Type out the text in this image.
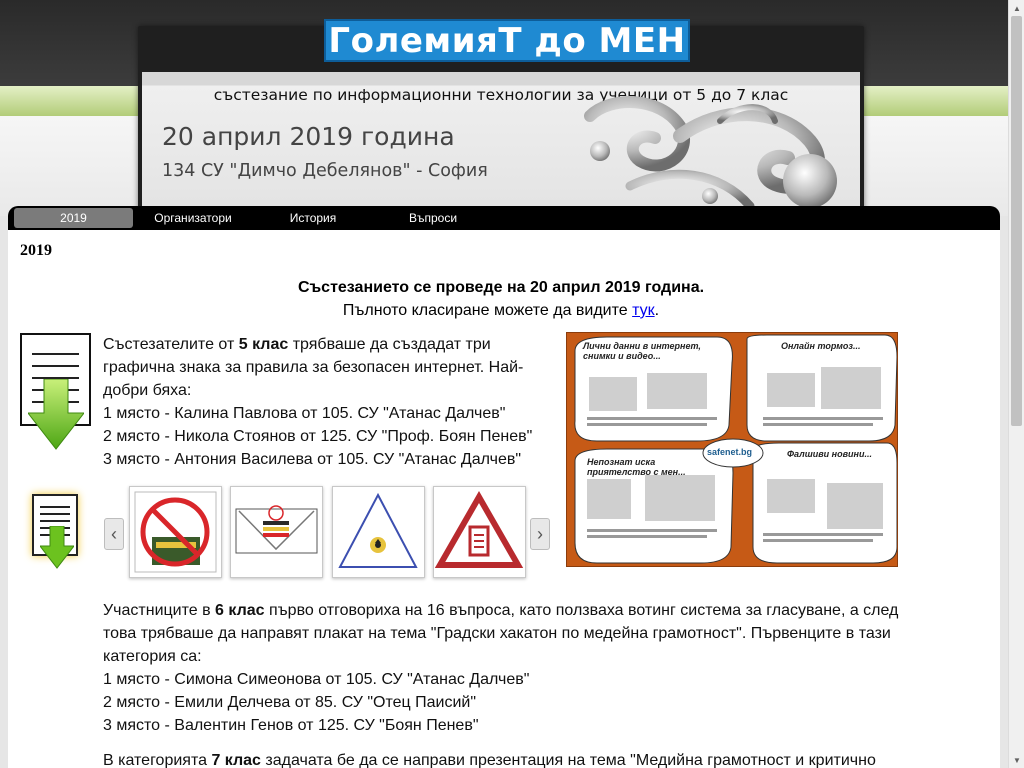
ГолемияТ до МЕН
състезание по информационни технологии за ученици от 5 до 7 клас
20 април 2019 година
134 СУ "Димчо Дебелянов" - София
2019	Организатори	История	Въпроси
2019
Състезанието се проведе на 20 април 2019 година.
Пълното класиране можете да видите тук.
Състезателите от 5 клас трябваше да създадат три графична знака за правила за безопасен интернет. Най-добри бяха:
1 място - Калина Павлова от 105. СУ "Атанас Далчев"
2 място - Никола Стоянов от 125. СУ "Проф. Боян Пенев"
3 място - Антония Василева от 105. СУ "Атанас Далчев"
‹	›
Лични данни в интернет, снимки и видео...
Онлайн тормоз...
Непознат иска приятелство с мен...
Фалшиви новини...
safenet.bg
Участниците в 6 клас първо отговориха на 16 въпроса, като ползваха вотинг система за гласуване, а след това трябваше да направят плакат на тема "Градски хакатон по медейна грамотност". Първенците в тази категория са:
1 място - Симона Симеонова от 105. СУ "Атанас Далчев"
2 място - Емили Делчева от 85. СУ "Отец Паисий"
3 място - Валентин Генов от 125. СУ "Боян Пенев"
В категорията 7 клас задачата бе да се направи презентация на тема "Медийна грамотност и критично
▲
▼
